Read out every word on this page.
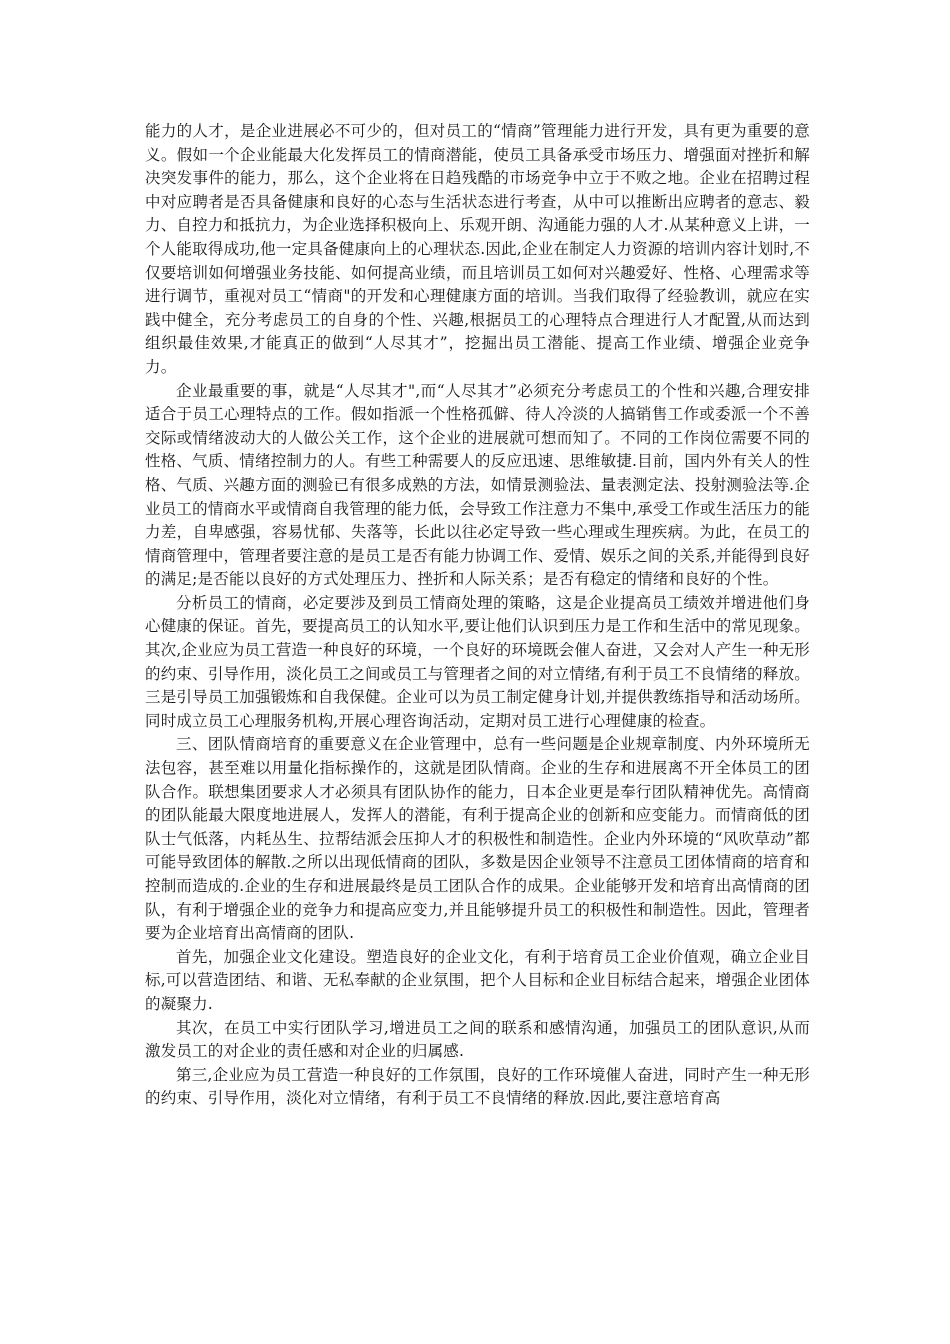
能力的人才，是企业进展必不可少的，但对员工的“情商”管理能力进行开发，具有更为重要的意义。假如一个企业能最大化发挥员工的情商潜能，使员工具备承受市场压力、增强面对挫折和解决突发事件的能力，那么，这个企业将在日趋残酷的市场竞争中立于不败之地。企业在招聘过程中对应聘者是否具备健康和良好的心态与生活状态进行考查，从中可以推断出应聘者的意志、毅力、自控力和抵抗力，为企业选择积极向上、乐观开朗、沟通能力强的人才.从某种意义上讲，一个人能取得成功,他一定具备健康向上的心理状态.因此,企业在制定人力资源的培训内容计划时,不仅要培训如何增强业务技能、如何提高业绩，而且培训员工如何对兴趣爱好、性格、心理需求等进行调节，重视对员工“情商"的开发和心理健康方面的培训。当我们取得了经验教训，就应在实践中健全，充分考虑员工的自身的个性、兴趣,根据员工的心理特点合理进行人才配置,从而达到组织最佳效果,才能真正的做到“人尽其才”，挖掘出员工潜能、提高工作业绩、增强企业竞争力。

企业最重要的事，就是“人尽其才",而“人尽其才”必须充分考虑员工的个性和兴趣,合理安排适合于员工心理特点的工作。假如指派一个性格孤僻、待人冷淡的人搞销售工作或委派一个不善交际或情绪波动大的人做公关工作，这个企业的进展就可想而知了。不同的工作岗位需要不同的性格、气质、情绪控制力的人。有些工种需要人的反应迅速、思维敏捷.目前，国内外有关人的性格、气质、兴趣方面的测验已有很多成熟的方法，如情景测验法、量表测定法、投射测验法等.企业员工的情商水平或情商自我管理的能力低，会导致工作注意力不集中,承受工作或生活压力的能力差，自卑感强，容易忧郁、失落等，长此以往必定导致一些心理或生理疾病。为此，在员工的情商管理中，管理者要注意的是员工是否有能力协调工作、爱情、娱乐之间的关系,并能得到良好的满足;是否能以良好的方式处理压力、挫折和人际关系；是否有稳定的情绪和良好的个性。

分析员工的情商，必定要涉及到员工情商处理的策略，这是企业提高员工绩效并增进他们身心健康的保证。首先，要提高员工的认知水平,要让他们认识到压力是工作和生活中的常见现象。其次,企业应为员工营造一种良好的环境，一个良好的环境既会催人奋进，又会对人产生一种无形的约束、引导作用，淡化员工之间或员工与管理者之间的对立情绪,有利于员工不良情绪的释放。三是引导员工加强锻炼和自我保健。企业可以为员工制定健身计划,并提供教练指导和活动场所。同时成立员工心理服务机构,开展心理咨询活动，定期对员工进行心理健康的检查。

三、团队情商培育的重要意义在企业管理中，总有一些问题是企业规章制度、内外环境所无法包容，甚至难以用量化指标操作的，这就是团队情商。企业的生存和进展离不开全体员工的团队合作。联想集团要求人才必须具有团队协作的能力，日本企业更是奉行团队精神优先。高情商的团队能最大限度地进展人，发挥人的潜能，有利于提高企业的创新和应变能力。而情商低的团队士气低落，内耗丛生、拉帮结派会压抑人才的积极性和制造性。企业内外环境的“风吹草动”都可能导致团体的解散.之所以出现低情商的团队，多数是因企业领导不注意员工团体情商的培育和控制而造成的.企业的生存和进展最终是员工团队合作的成果。企业能够开发和培育出高情商的团队，有利于增强企业的竞争力和提高应变力,并且能够提升员工的积极性和制造性。因此，管理者要为企业培育出高情商的团队.

首先，加强企业文化建设。塑造良好的企业文化，有利于培育员工企业价值观，确立企业目标,可以营造团结、和谐、无私奉献的企业氛围，把个人目标和企业目标结合起来，增强企业团体的凝聚力.

其次，在员工中实行团队学习,增进员工之间的联系和感情沟通，加强员工的团队意识,从而激发员工的对企业的责任感和对企业的归属感.

第三,企业应为员工营造一种良好的工作氛围，良好的工作环境催人奋进，同时产生一种无形的约束、引导作用，淡化对立情绪，有利于员工不良情绪的释放.因此,要注意培育高
